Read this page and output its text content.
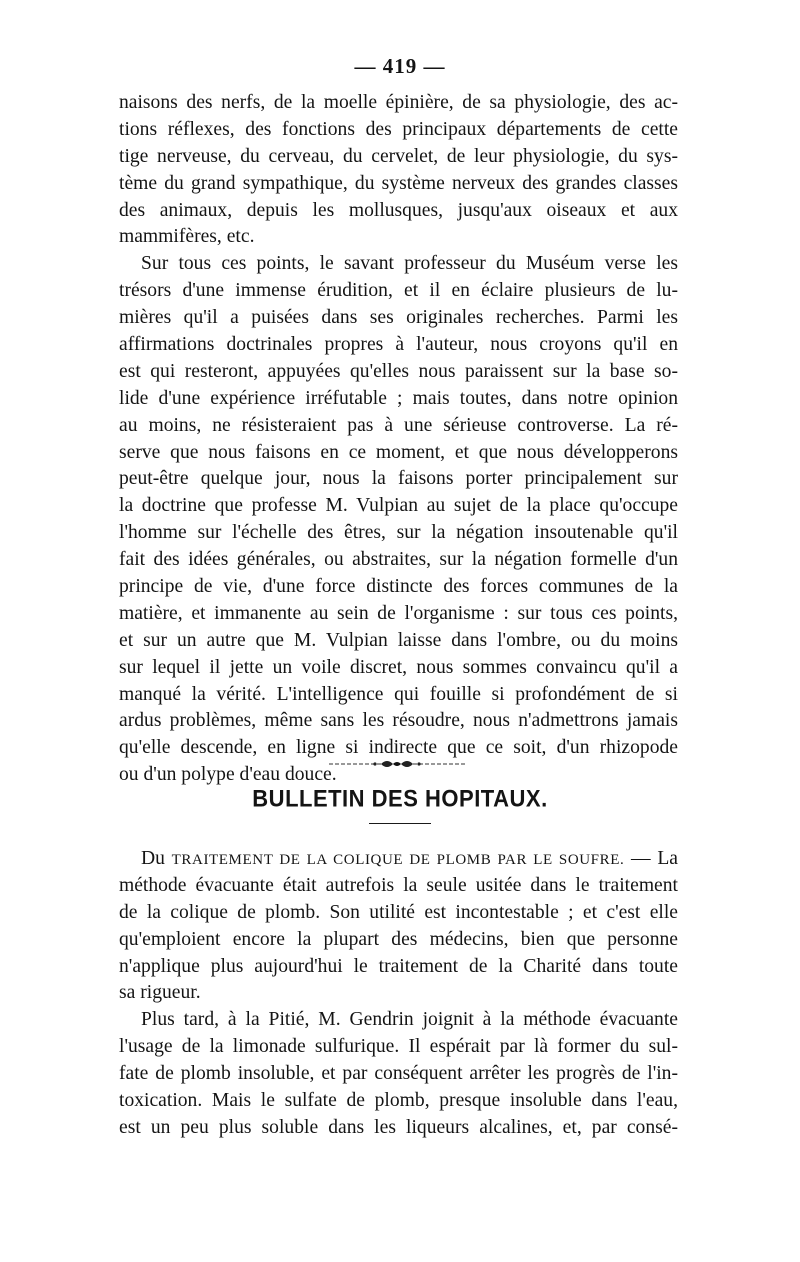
— 419 —
naisons des nerfs, de la moelle épinière, de sa physiologie, des ac-
tions réflexes, des fonctions des principaux départements de cette
tige nerveuse, du cerveau, du cervelet, de leur physiologie, du sys-
tème du grand sympathique, du système nerveux des grandes classes
des animaux, depuis les mollusques, jusqu'aux oiseaux et aux
mammifères, etc.
Sur tous ces points, le savant professeur du Muséum verse les
trésors d'une immense érudition, et il en éclaire plusieurs de lu-
mières qu'il a puisées dans ses originales recherches. Parmi les
affirmations doctrinales propres à l'auteur, nous croyons qu'il en
est qui resteront, appuyées qu'elles nous paraissent sur la base so-
lide d'une expérience irréfutable ; mais toutes, dans notre opinion
au moins, ne résisteraient pas à une sérieuse controverse. La ré-
serve que nous faisons en ce moment, et que nous développerons
peut-être quelque jour, nous la faisons porter principalement sur
la doctrine que professe M. Vulpian au sujet de la place qu'occupe
l'homme sur l'échelle des êtres, sur la négation insoutenable qu'il
fait des idées générales, ou abstraites, sur la négation formelle d'un
principe de vie, d'une force distincte des forces communes de la
matière, et immanente au sein de l'organisme : sur tous ces points,
et sur un autre que M. Vulpian laisse dans l'ombre, ou du moins
sur lequel il jette un voile discret, nous sommes convaincu qu'il a
manqué la vérité. L'intelligence qui fouille si profondément de si
ardus problèmes, même sans les résoudre, nous n'admettrons jamais
qu'elle descende, en ligne si indirecte que ce soit, d'un rhizopode
ou d'un polype d'eau douce.
BULLETIN DES HOPITAUX.
Du TRAITEMENT DE LA COLIQUE DE PLOMB PAR LE SOUFRE. — La
méthode évacuante était autrefois la seule usitée dans le traitement
de la colique de plomb. Son utilité est incontestable ; et c'est elle
qu'emploient encore la plupart des médecins, bien que personne
n'applique plus aujourd'hui le traitement de la Charité dans toute
sa rigueur.
Plus tard, à la Pitié, M. Gendrin joignit à la méthode évacuante
l'usage de la limonade sulfurique. Il espérait par là former du sul-
fate de plomb insoluble, et par conséquent arrêter les progrès de l'in-
toxication. Mais le sulfate de plomb, presque insoluble dans l'eau,
est un peu plus soluble dans les liqueurs alcalines, et, par consé-
